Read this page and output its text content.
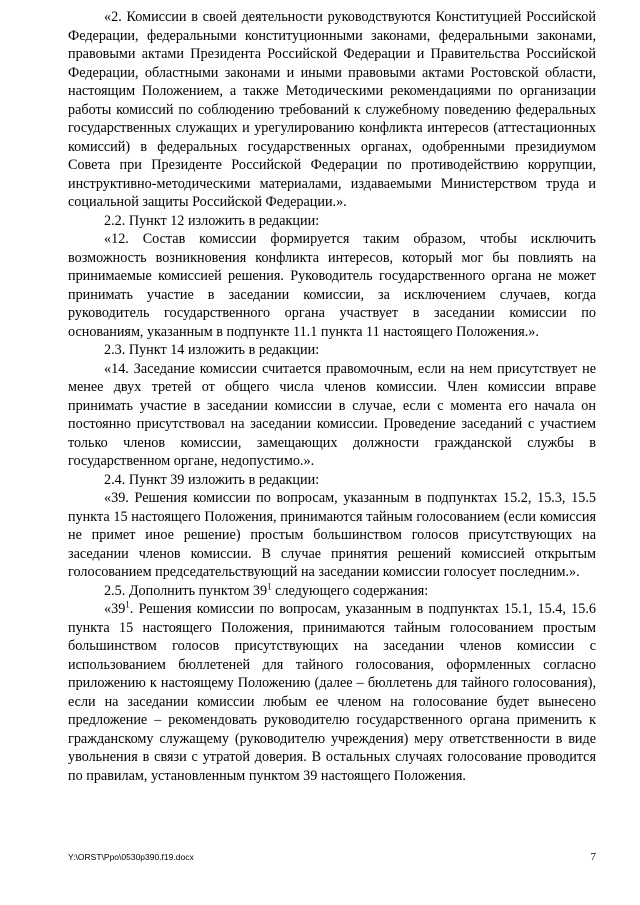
«2. Комиссии в своей деятельности руководствуются Конституцией Российской Федерации, федеральными конституционными законами, федеральными законами, правовыми актами Президента Российской Федерации и Правительства Российской Федерации, областными законами и иными правовыми актами Ростовской области, настоящим Положением, а также Методическими рекомендациями по организации работы комиссий по соблюдению требований к служебному поведению федеральных государственных служащих и урегулированию конфликта интересов (аттестационных комиссий) в федеральных государственных органах, одобренными президиумом Совета при Президенте Российской Федерации по противодействию коррупции, инструктивно-методическими материалами, издаваемыми Министерством труда и социальной защиты Российской Федерации.».

2.2. Пункт 12 изложить в редакции:

«12. Состав комиссии формируется таким образом, чтобы исключить возможность возникновения конфликта интересов, который мог бы повлиять на принимаемые комиссией решения. Руководитель государственного органа не может принимать участие в заседании комиссии, за исключением случаев, когда руководитель государственного органа участвует в заседании комиссии по основаниям, указанным в подпункте 11.1 пункта 11 настоящего Положения.».

2.3. Пункт 14 изложить в редакции:

«14. Заседание комиссии считается правомочным, если на нем присутствует не менее двух третей от общего числа членов комиссии. Член комиссии вправе принимать участие в заседании комиссии в случае, если с момента его начала он постоянно присутствовал на заседании комиссии. Проведение заседаний с участием только членов комиссии, замещающих должности гражданской службы в государственном органе, недопустимо.».

2.4. Пункт 39 изложить в редакции:

«39. Решения комиссии по вопросам, указанным в подпунктах 15.2, 15.3, 15.5 пункта 15 настоящего Положения, принимаются тайным голосованием (если комиссия не примет иное решение) простым большинством голосов присутствующих на заседании членов комиссии. В случае принятия решений комиссией открытым голосованием председательствующий на заседании комиссии голосует последним.».

2.5. Дополнить пунктом $39^1$ следующего содержания:

«$39^1$. Решения комиссии по вопросам, указанным в подпунктах 15.1, 15.4, 15.6 пункта 15 настоящего Положения, принимаются тайным голосованием простым большинством голосов присутствующих на заседании членов комиссии с использованием бюллетеней для тайного голосования, оформленных согласно приложению к настоящему Положению (далее – бюллетень для тайного голосования), если на заседании комиссии любым ее членом на голосование будет вынесено предложение – рекомендовать руководителю государственного органа применить к гражданскому служащему (руководителю учреждения) меру ответственности в виде увольнения в связи с утратой доверия. В остальных случаях голосование проводится по правилам, установленным пунктом 39 настоящего Положения.

Y:\ORST\Ppo\0530p390.f19.docx	7
